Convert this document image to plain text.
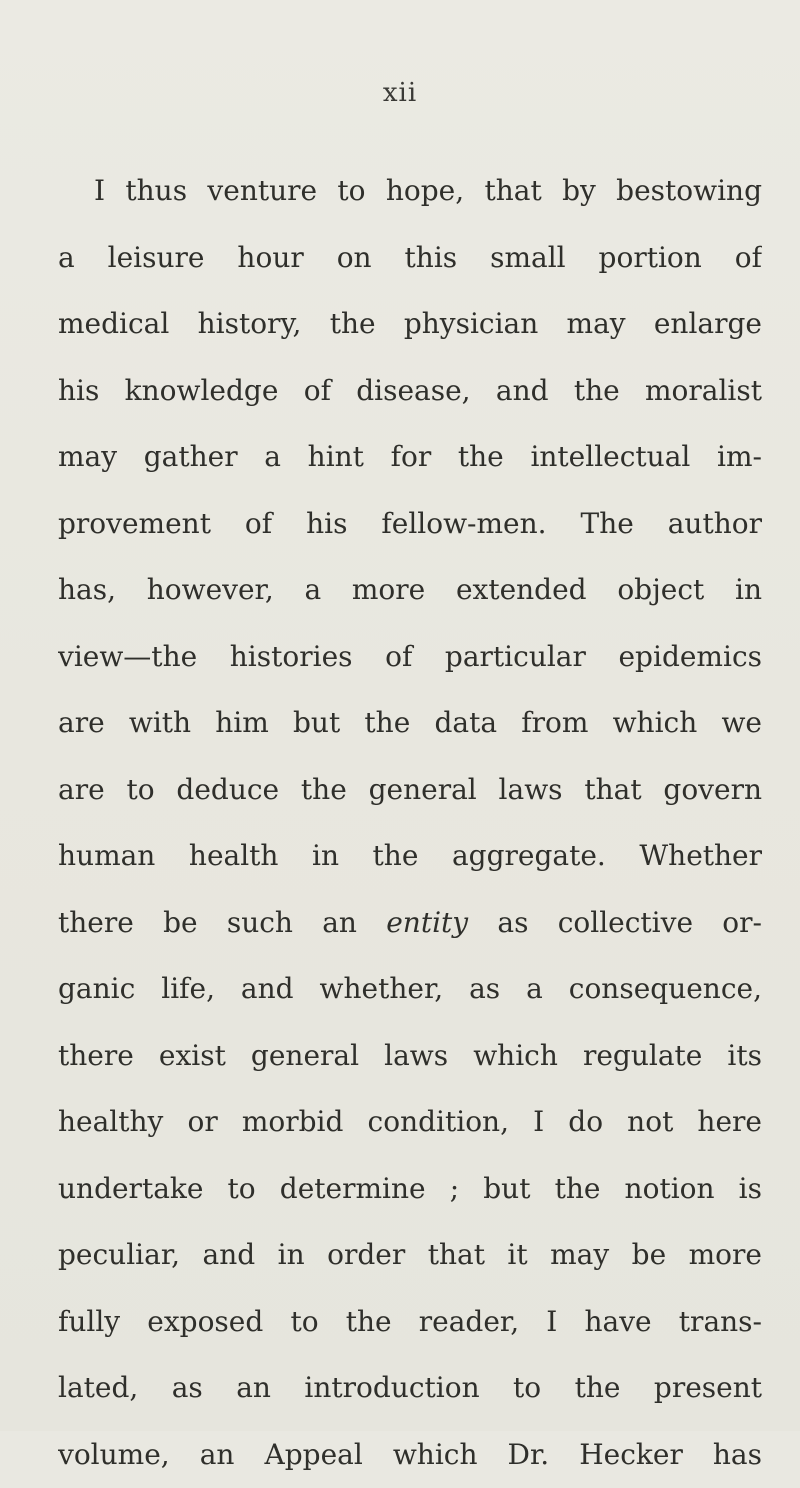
xii
I thus venture to hope, that by bestowing
a leisure hour on this small portion of
medical history, the physician may enlarge
his knowledge of disease, and the moralist
may gather a hint for the intellectual im-
provement of his fellow-men. The author
has, however, a more extended object in
view—the histories of particular epidemics
are with him but the data from which we
are to deduce the general laws that govern
human health in the aggregate. Whether
there be such an entity as collective or-
ganic life, and whether, as a consequence,
there exist general laws which regulate its
healthy or morbid condition, I do not here
undertake to determine ; but the notion is
peculiar, and in order that it may be more
fully exposed to the reader, I have trans-
lated, as an introduction to the present
volume, an Appeal which Dr. Hecker has
